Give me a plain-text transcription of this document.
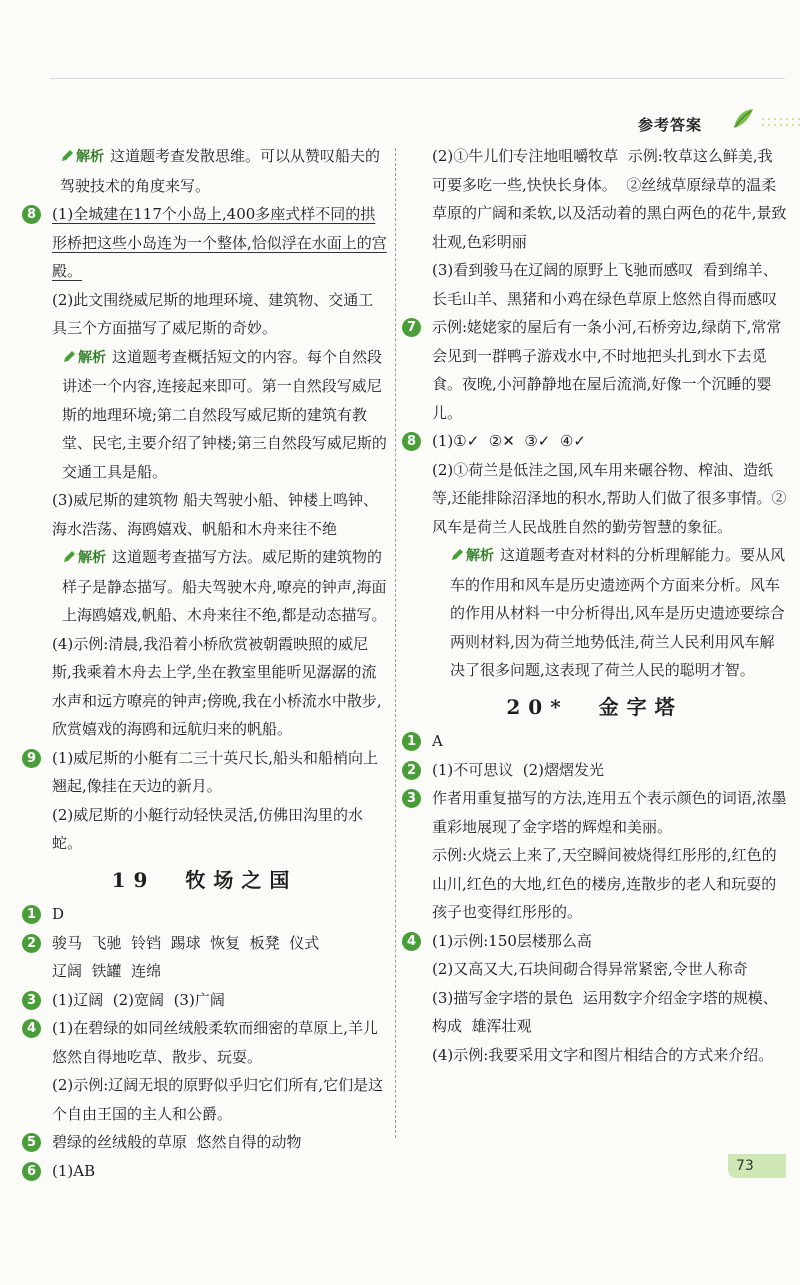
参考答案
解析 这道题考查发散思维。可以从赞叹船夫的驾驶技术的角度来写。
8	(1)全城建在117个小岛上,400多座式样不同的拱形桥把这些小岛连为一个整体,恰似浮在水面上的宫殿。

(2)此文围绕威尼斯的地理环境、建筑物、交通工具三个方面描写了威尼斯的奇妙。

解析 这道题考查概括短文的内容。每个自然段讲述一个内容,连接起来即可。第一自然段写威尼斯的地理环境;第二自然段写威尼斯的建筑有教堂、民宅,主要介绍了钟楼;第三自然段写威尼斯的交通工具是船。

(3)威尼斯的建筑物 船夫驾驶小船、钟楼上鸣钟、海水浩荡、海鸥嬉戏、帆船和木舟来往不绝

解析 这道题考查描写方法。威尼斯的建筑物的样子是静态描写。船夫驾驶木舟,嘹亮的钟声,海面上海鸥嬉戏,帆船、木舟来往不绝,都是动态描写。

(4)示例:清晨,我沿着小桥欣赏被朝霞映照的威尼斯,我乘着木舟去上学,坐在教室里能听见潺潺的流水声和远方嘹亮的钟声;傍晚,我在小桥流水中散步,欣赏嬉戏的海鸥和远航归来的帆船。

9	(1)威尼斯的小艇有二三十英尺长,船头和船梢向上翘起,像挂在天边的新月。

(2)威尼斯的小艇行动轻快灵活,仿佛田沟里的水蛇。

19 牧场之国
1	D

2	骏马  飞驰  铃铛  踢球  恢复  板凳  仪式

辽阔  铁罐  连绵

3	(1)辽阔  (2)宽阔  (3)广阔

4	(1)在碧绿的如同丝绒般柔软而细密的草原上,羊儿悠然自得地吃草、散步、玩耍。

(2)示例:辽阔无垠的原野似乎归它们所有,它们是这个自由王国的主人和公爵。

5	碧绿的丝绒般的草原  悠然自得的动物

6	(1)AB

(2)①牛儿们专注地咀嚼牧草  示例:牧草这么鲜美,我可要多吃一些,快快长身体。  ②丝绒草原绿草的温柔  草原的广阔和柔软,以及活动着的黑白两色的花牛,景致壮观,色彩明丽

(3)看到骏马在辽阔的原野上飞驰而感叹  看到绵羊、长毛山羊、黑猪和小鸡在绿色草原上悠然自得而感叹

7	示例:姥姥家的屋后有一条小河,石桥旁边,绿荫下,常常会见到一群鸭子游戏水中,不时地把头扎到水下去觅食。夜晚,小河静静地在屋后流淌,好像一个沉睡的婴儿。

8	(1)①✓  ②✕  ③✓  ④✓

(2)①荷兰是低洼之国,风车用来碾谷物、榨油、造纸等,还能排除沼泽地的积水,帮助人们做了很多事情。②风车是荷兰人民战胜自然的勤劳智慧的象征。

解析 这道题考查对材料的分析理解能力。要从风车的作用和风车是历史遗迹两个方面来分析。风车的作用从材料一中分析得出,风车是历史遗迹要综合两则材料,因为荷兰地势低洼,荷兰人民利用风车解决了很多问题,这表现了荷兰人民的聪明才智。
20* 金字塔
1	A

2	(1)不可思议  (2)熠熠发光

3	作者用重复描写的方法,连用五个表示颜色的词语,浓墨重彩地展现了金字塔的辉煌和美丽。

示例:火烧云上来了,天空瞬间被烧得红彤彤的,红色的山川,红色的大地,红色的楼房,连散步的老人和玩耍的孩子也变得红彤彤的。

4	(1)示例:150层楼那么高

(2)又高又大,石块间砌合得异常紧密,令世人称奇

(3)描写金字塔的景色  运用数字介绍金字塔的规模、构成  雄浑壮观

(4)示例:我要采用文字和图片相结合的方式来介绍。

73
